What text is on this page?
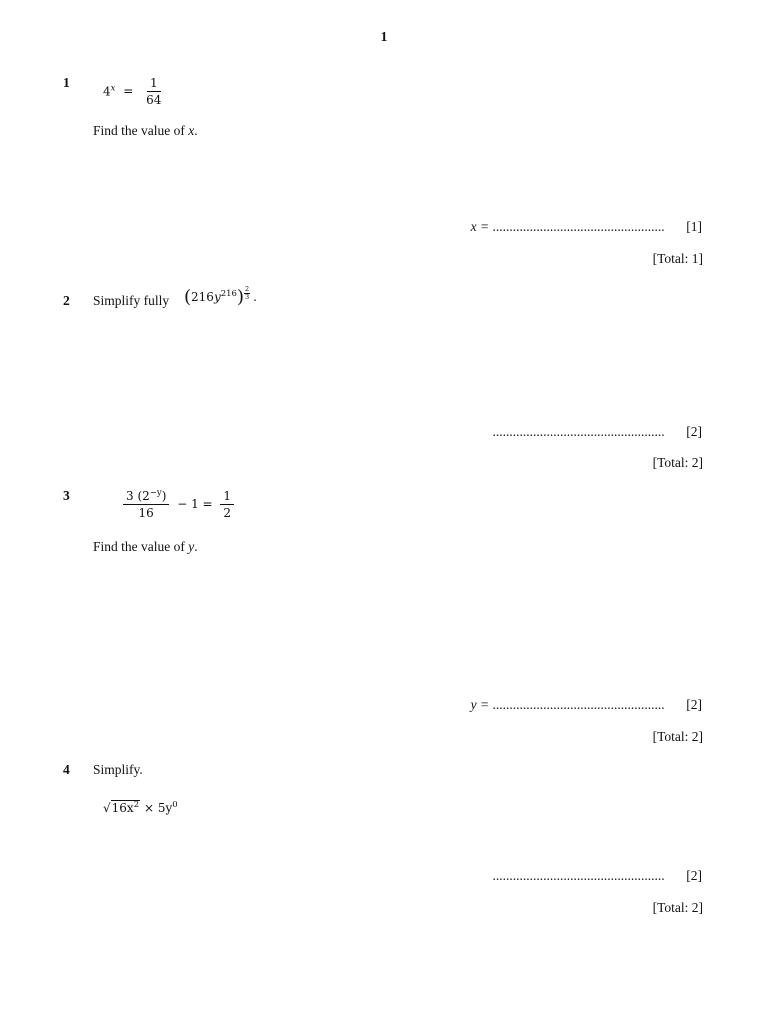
1
1
$4^x = \frac{1}{64}$
Find the value of x.
x = ................................................... [1]
[Total: 1]
2 Simplify fully $(216y^{216}) \frac{2}{3}$ .
................................................... [2]
[Total: 2]
3	$\frac{3 (2^{-y})}{16} - 1 = \frac{1}{2}$
Find the value of y.
y = ................................................... [2]
[Total: 2]
4 Simplify.
$√16x^2 \times 5y^0$
................................................... [2]
[Total: 2]
